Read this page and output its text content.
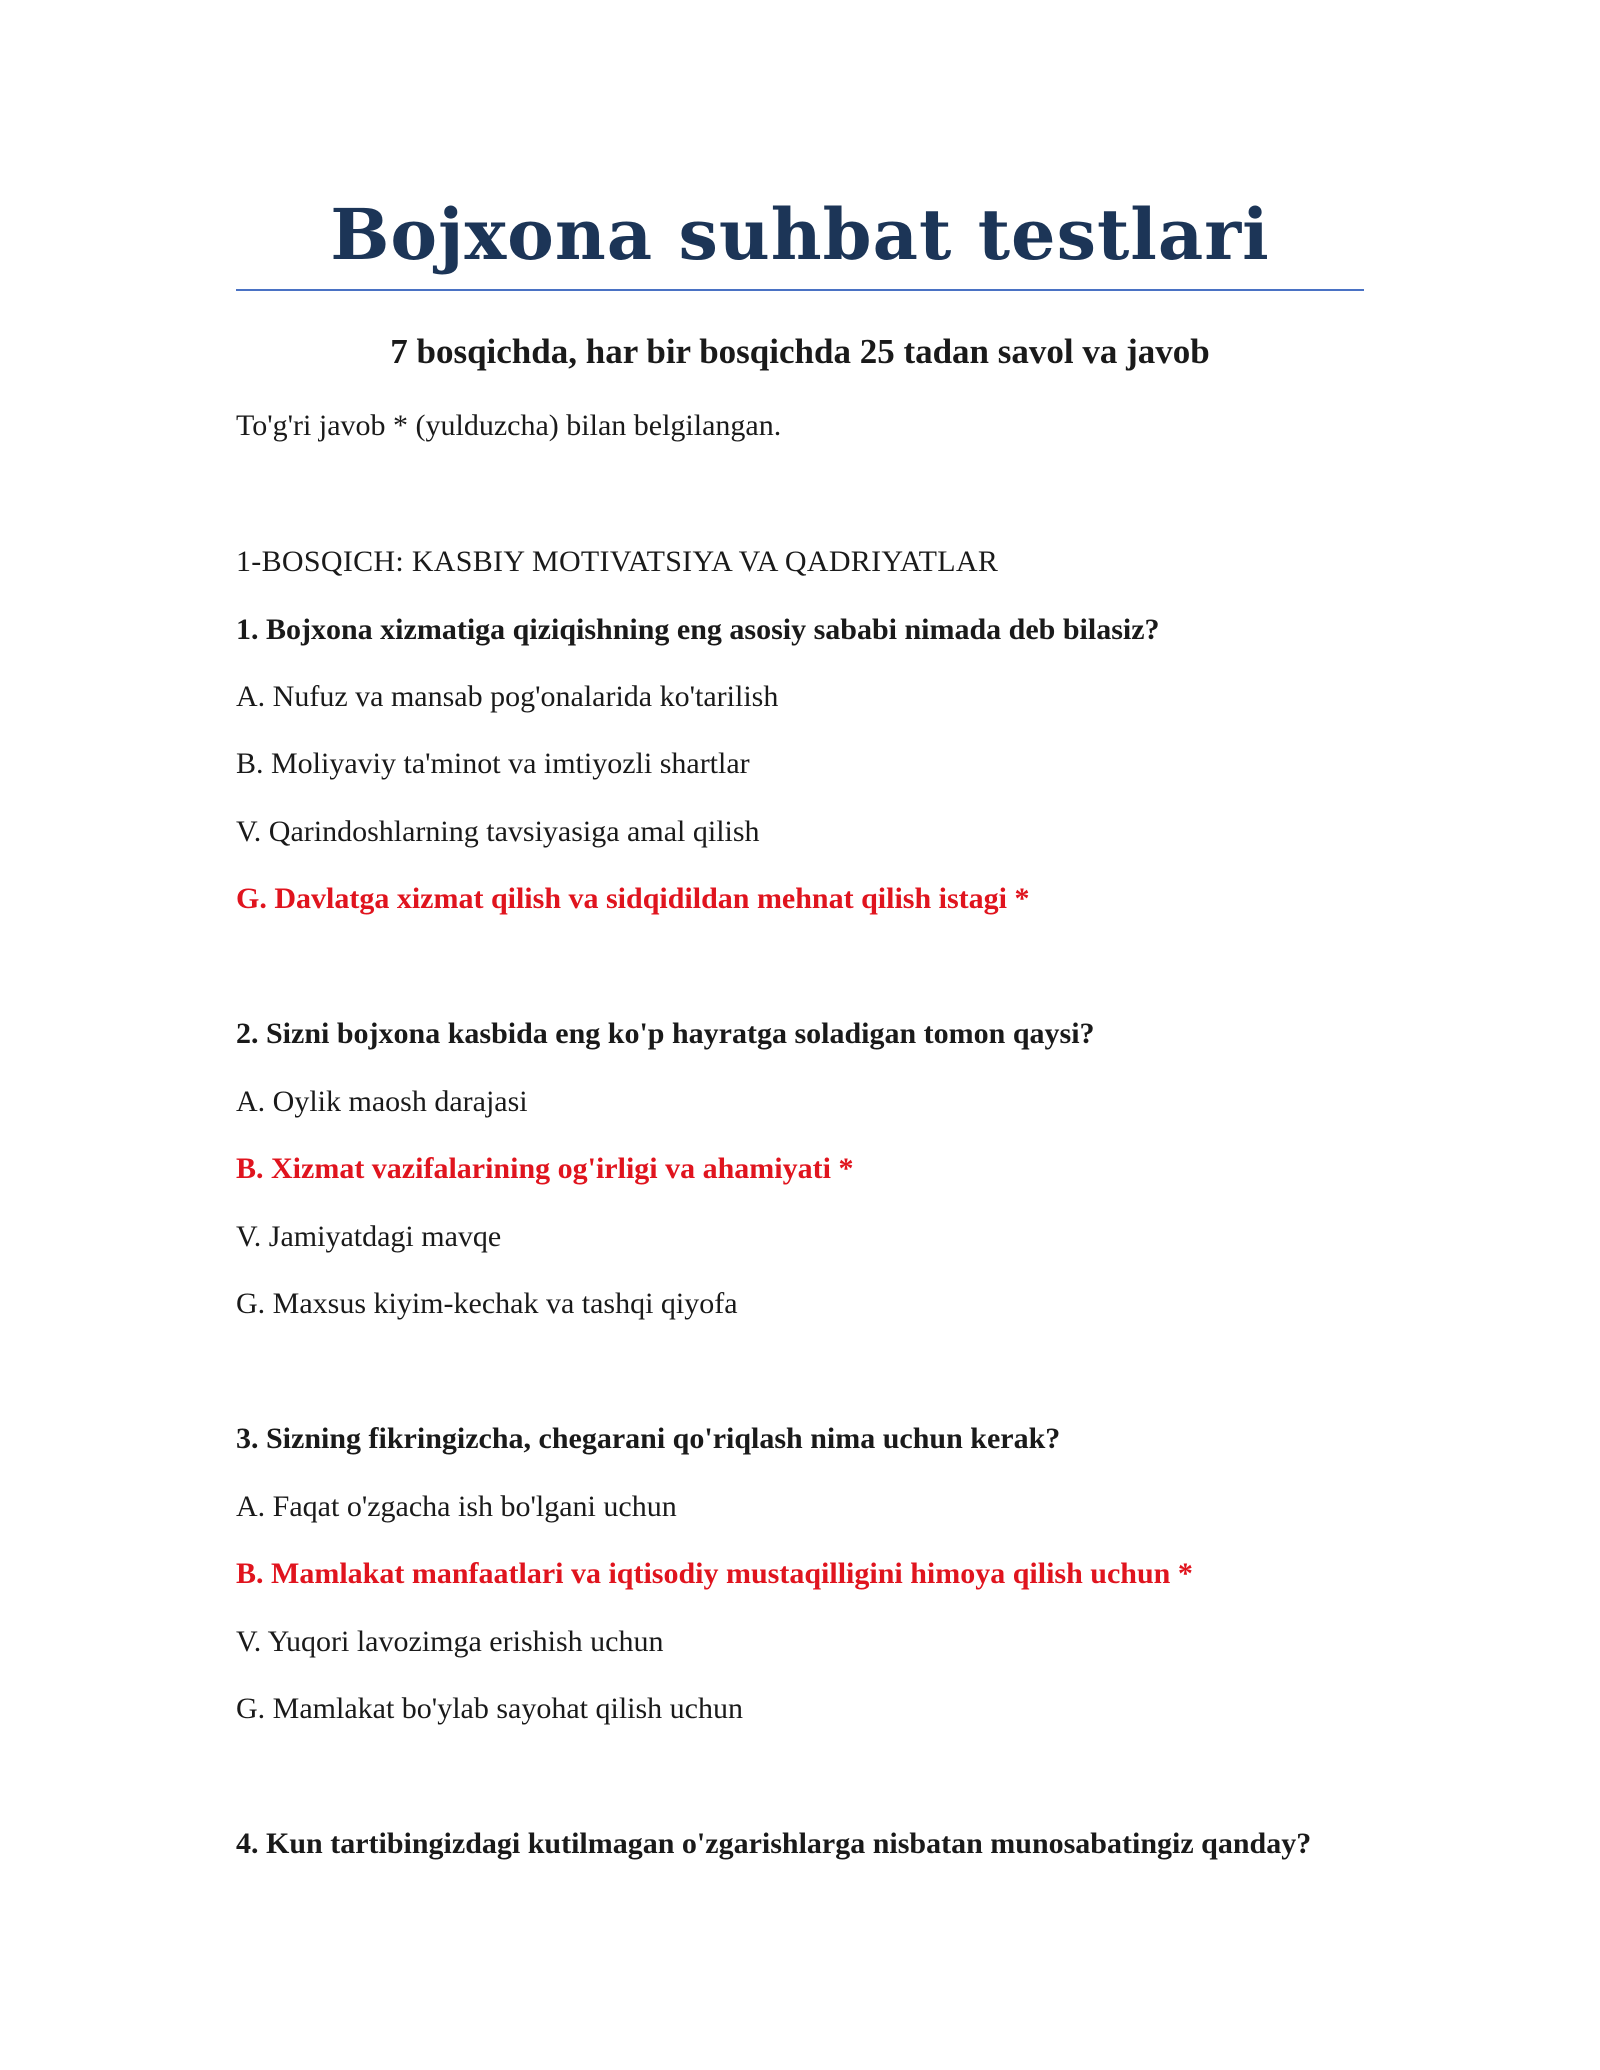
Bojxona suhbat testlari
7 bosqichda, har bir bosqichda 25 tadan savol va javob

To'g'ri javob * (yulduzcha) bilan belgilangan.

1-BOSQICH: KASBIY MOTIVATSIYA VA QADRIYATLAR

1. Bojxona xizmatiga qiziqishning eng asosiy sababi nimada deb bilasiz?

A. Nufuz va mansab pog'onalarida ko'tarilish

B. Moliyaviy ta'minot va imtiyozli shartlar

V. Qarindoshlarning tavsiyasiga amal qilish

G. Davlatga xizmat qilish va sidqidildan mehnat qilish istagi *

2. Sizni bojxona kasbida eng ko'p hayratga soladigan tomon qaysi?

A. Oylik maosh darajasi

B. Xizmat vazifalarining og'irligi va ahamiyati *

V. Jamiyatdagi mavqe

G. Maxsus kiyim-kechak va tashqi qiyofa

3. Sizning fikringizcha, chegarani qo'riqlash nima uchun kerak?

A. Faqat o'zgacha ish bo'lgani uchun

B. Mamlakat manfaatlari va iqtisodiy mustaqilligini himoya qilish uchun *

V. Yuqori lavozimga erishish uchun

G. Mamlakat bo'ylab sayohat qilish uchun

4. Kun tartibingizdagi kutilmagan o'zgarishlarga nisbatan munosabatingiz qanday?
